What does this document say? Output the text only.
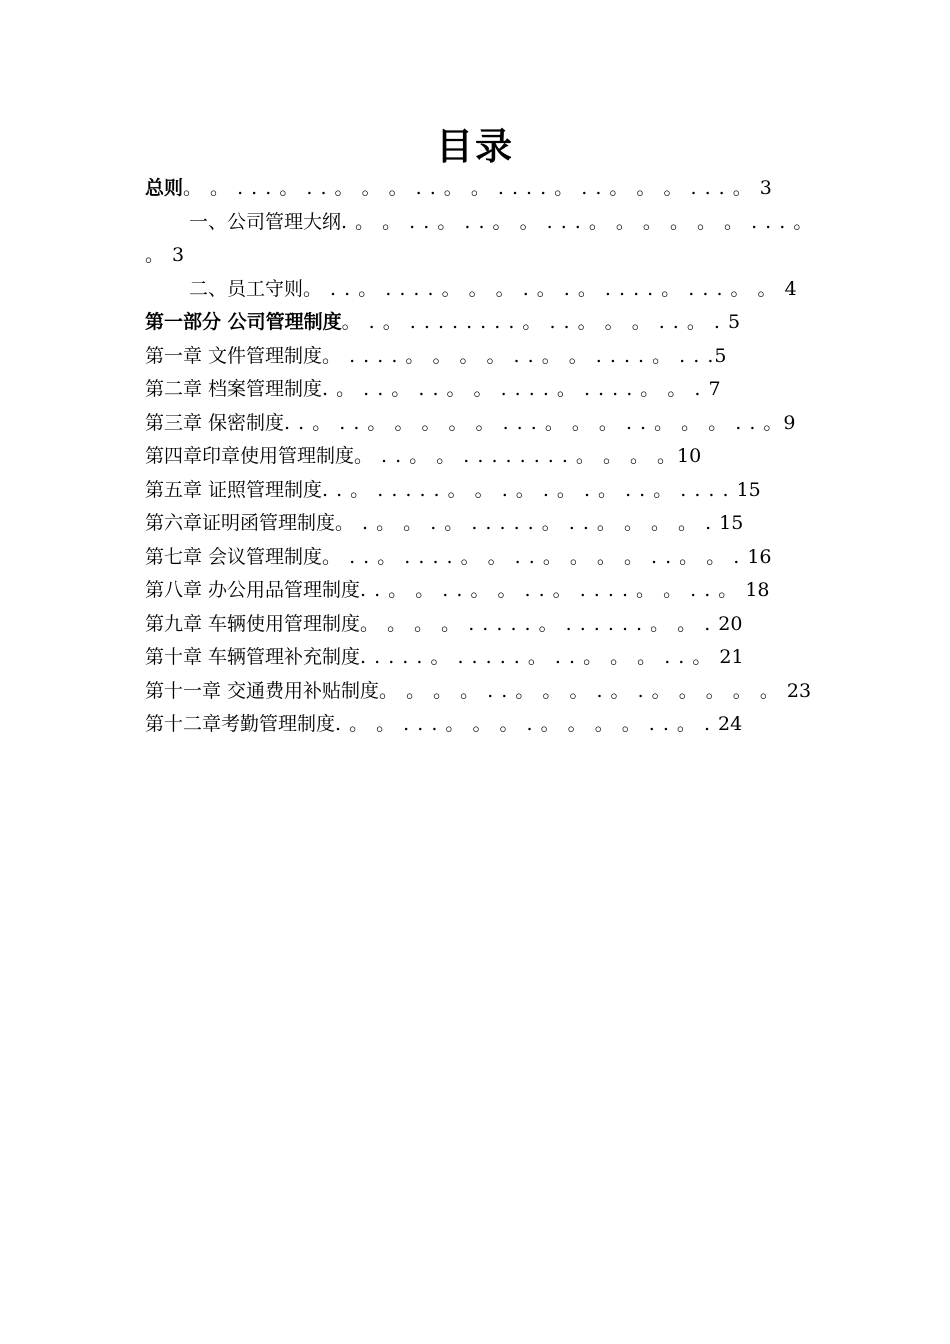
目录
总则。 。 . . . 。 . . 。 。 。 . . 。 。 . . . . 。 . . 。 。 。 . . . 。 3
一、公司管理大纲. 。 。 . . 。 . . 。 。 . . . 。 。 。 。 。 。 . . . 。 。 3
二、员工守则。 . . 。 . . . . 。 。 。 . 。 . 。 . . . . 。 . . . 。 。 4
第一部分 公司管理制度。 . 。 . . . . . . . . 。 . . 。 。 。 . . 。 . 5
第一章 文件管理制度。 . . . . 。 。 。 。 . . 。 。 . . . . 。 . . .5
第二章 档案管理制度. 。 . . 。 . . 。 。 . . . . 。 . . . . 。 。 . 7
第三章 保密制度. . 。 . . 。 。 。 。 。 . . . 。 。 。 . . 。 。 。 . . 。9
第四章印章使用管理制度。 . . 。 。 . . . . . . . . 。 。 。 。10
第五章 证照管理制度. . 。 . . . . . 。 。 . 。 . 。 . 。 . . 。 . . . . 15
第六章证明函管理制度。 . 。 。 . 。 . . . . . 。 . . 。 。 。 。 . 15
第七章 会议管理制度。 . . 。 . . . . 。 。 . . 。 。 。 。 . . 。 。 . 16
第八章 办公用品管理制度. . 。 。 . . 。 。 . . 。 . . . . 。 。 . . 。 18
第九章 车辆使用管理制度。 。 。 。 . . . . . 。 . . . . . . 。 。 . 20
第十章 车辆管理补充制度. . . . . 。 . . . . . 。 . . 。 。 。 . . 。 21
第十一章 交通费用补贴制度。 。 。 。 . . 。 。 。 . 。 . 。 。 。 。 。 23
第十二章考勤管理制度. 。 。 . . . 。 。 。 . 。 。 。 。 . . 。 . 24
